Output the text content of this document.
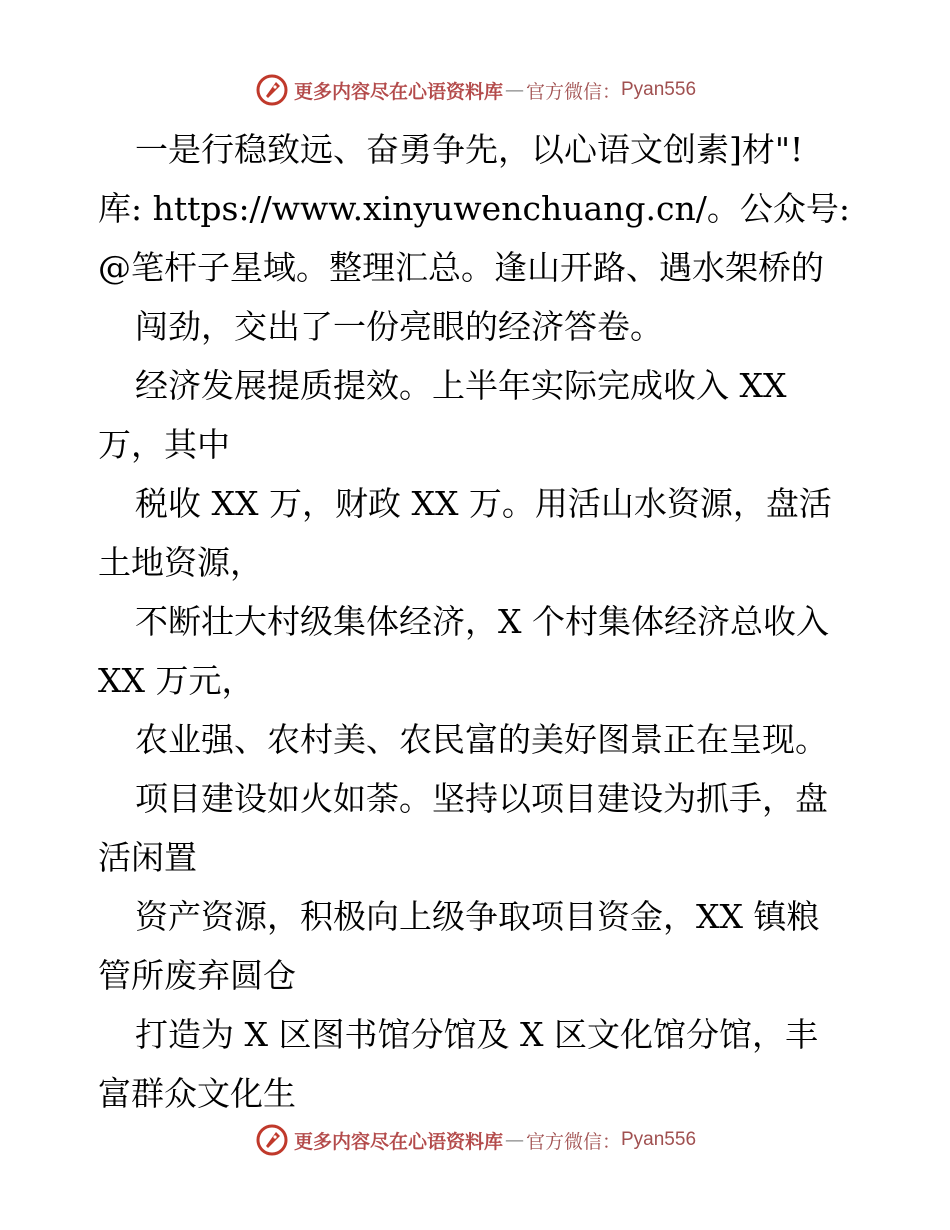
更多内容尽在心语资料库 — 官方微信： Pyan556
一是行稳致远、奋勇争先，以心语文创素]材"!
库: https://www.xinyuwenchuang.cn/。公众号:
@笔杆子星域。整理汇总。逢山开路、遇水架桥的
闯劲，交出了一份亮眼的经济答卷。
经济发展提质提效。上半年实际完成收入 XX
万，其中
税收 XX 万，财政 XX 万。用活山水资源，盘活
土地资源，
不断壮大村级集体经济，X 个村集体经济总收入
XX 万元，
农业强、农村美、农民富的美好图景正在呈现。
项目建设如火如荼。坚持以项目建设为抓手，盘
活闲置
资产资源，积极向上级争取项目资金，XX 镇粮
管所废弃圆仓
打造为 X 区图书馆分馆及 X 区文化馆分馆，丰
富群众文化生
更多内容尽在心语资料库 — 官方微信： Pyan556
